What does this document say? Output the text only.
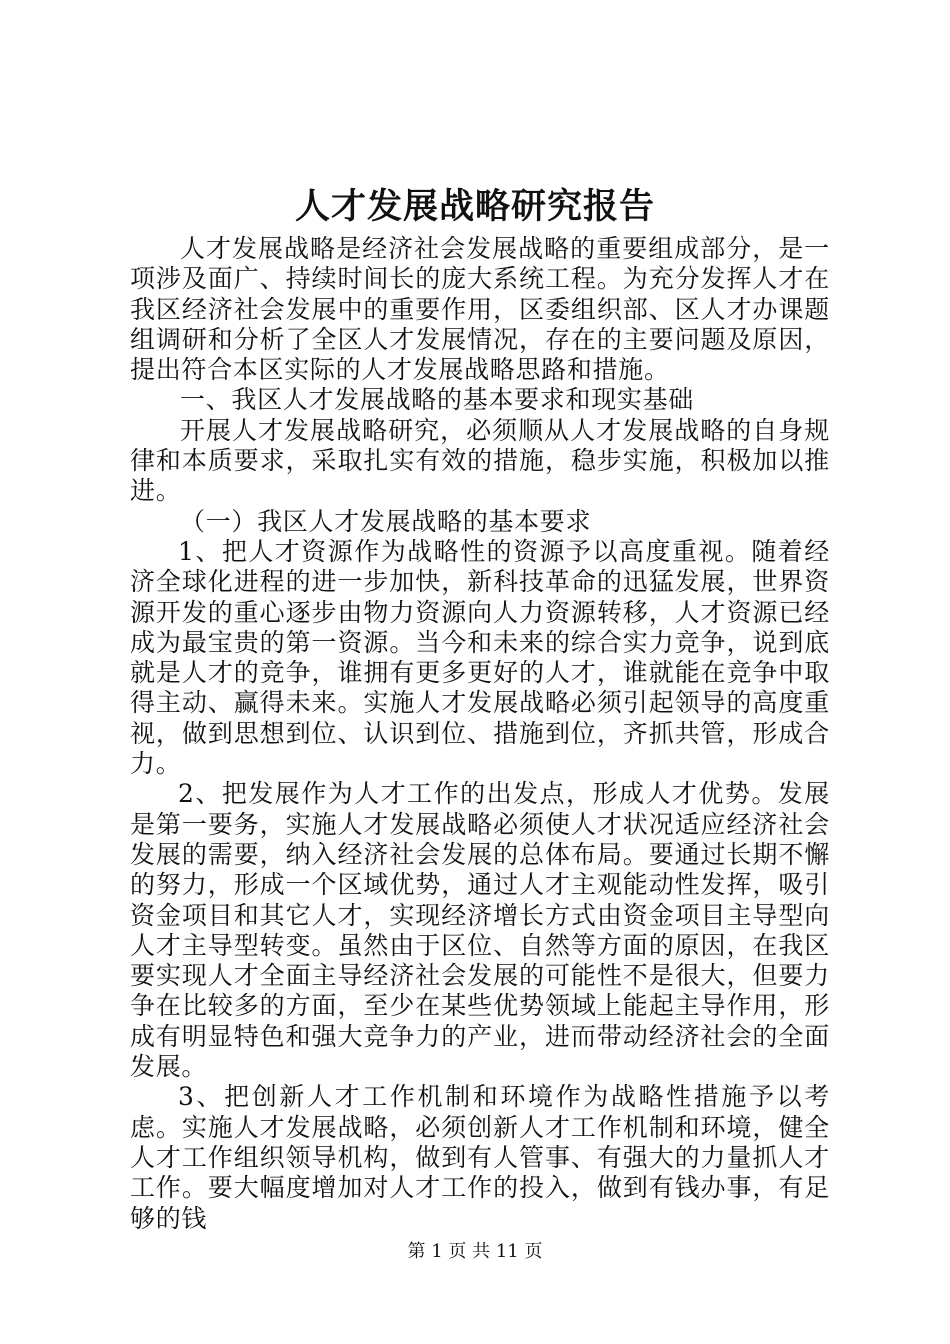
人才发展战略研究报告

人才发展战略是经济社会发展战略的重要组成部分，是一项涉及面广、持续时间长的庞大系统工程。为充分发挥人才在我区经济社会发展中的重要作用，区委组织部、区人才办课题组调研和分析了全区人才发展情况，存在的主要问题及原因，提出符合本区实际的人才发展战略思路和措施。

一、我区人才发展战略的基本要求和现实基础

开展人才发展战略研究，必须顺从人才发展战略的自身规律和本质要求，采取扎实有效的措施，稳步实施，积极加以推进。

（一）我区人才发展战略的基本要求

1、把人才资源作为战略性的资源予以高度重视。随着经济全球化进程的进一步加快，新科技革命的迅猛发展，世界资源开发的重心逐步由物力资源向人力资源转移，人才资源已经成为最宝贵的第一资源。当今和未来的综合实力竞争，说到底就是人才的竞争，谁拥有更多更好的人才，谁就能在竞争中取得主动、赢得未来。实施人才发展战略必须引起领导的高度重视，做到思想到位、认识到位、措施到位，齐抓共管，形成合力。

2、把发展作为人才工作的出发点，形成人才优势。发展是第一要务，实施人才发展战略必须使人才状况适应经济社会发展的需要，纳入经济社会发展的总体布局。要通过长期不懈的努力，形成一个区域优势，通过人才主观能动性发挥，吸引资金项目和其它人才，实现经济增长方式由资金项目主导型向人才主导型转变。虽然由于区位、自然等方面的原因，在我区要实现人才全面主导经济社会发展的可能性不是很大，但要力争在比较多的方面，至少在某些优势领域上能起主导作用，形成有明显特色和强大竞争力的产业，进而带动经济社会的全面发展。

3、把创新人才工作机制和环境作为战略性措施予以考虑。实施人才发展战略，必须创新人才工作机制和环境，健全人才工作组织领导机构，做到有人管事、有强大的力量抓人才工作。要大幅度增加对人才工作的投入，做到有钱办事，有足够的钱

第 1 页 共 11 页
